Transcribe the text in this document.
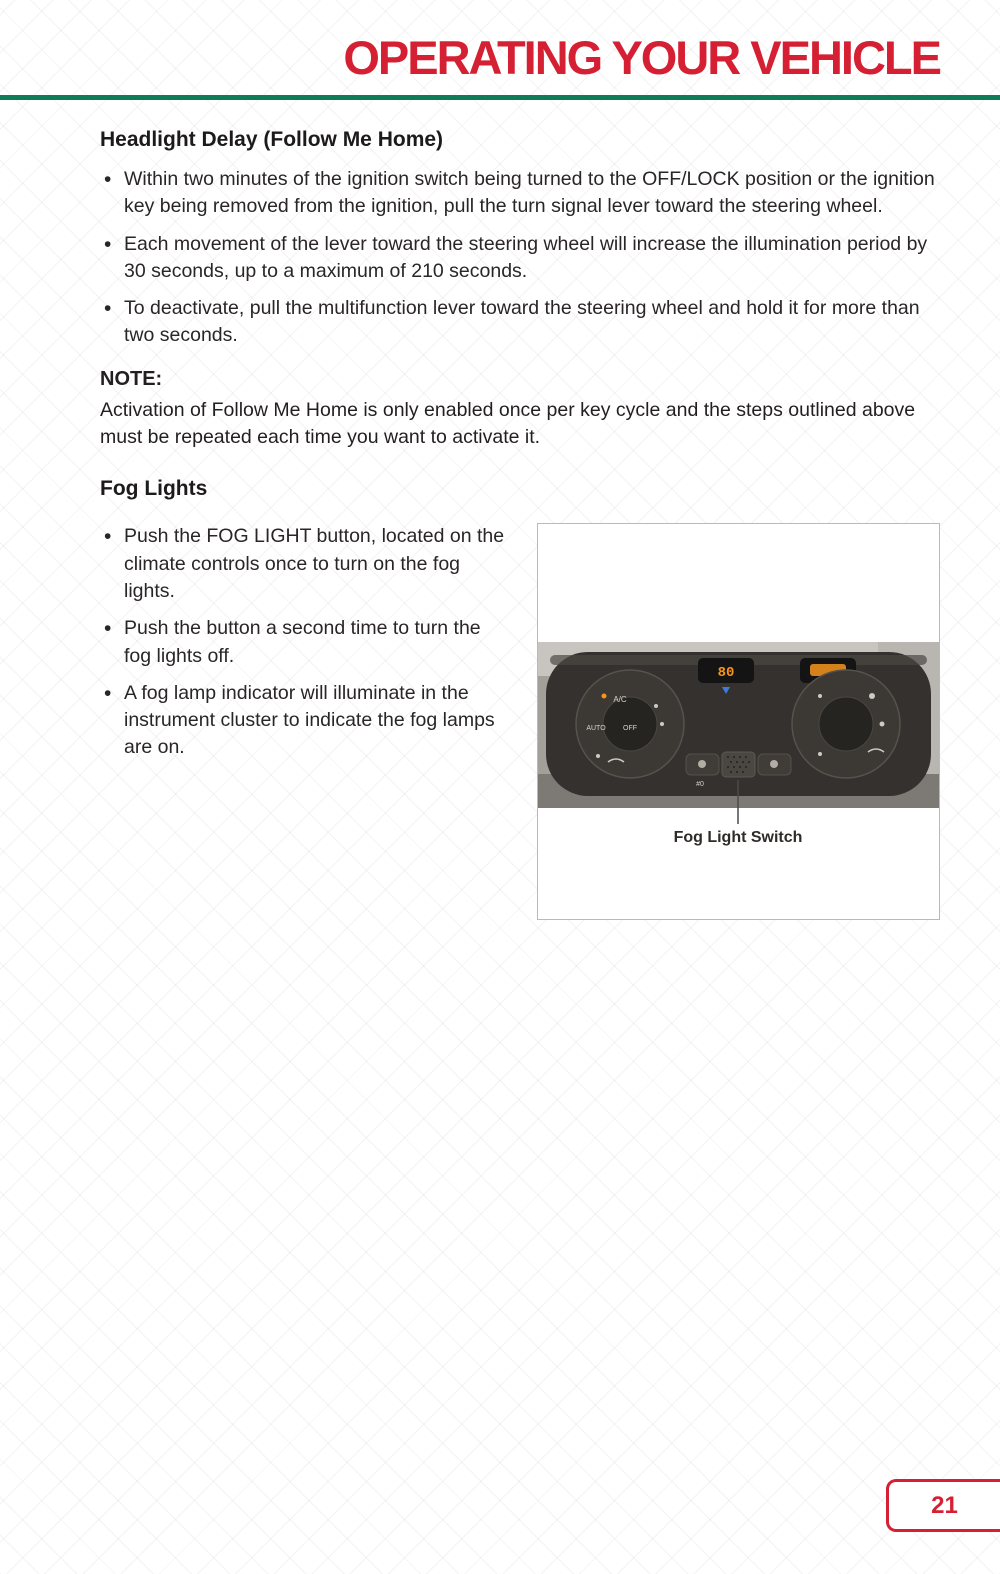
OPERATING YOUR VEHICLE
Headlight Delay (Follow Me Home)
• Within two minutes of the ignition switch being turned to the OFF/LOCK position or the ignition key being removed from the ignition, pull the turn signal lever toward the steering wheel.
• Each movement of the lever toward the steering wheel will increase the illumination period by 30 seconds, up to a maximum of 210 seconds.
• To deactivate, pull the multifunction lever toward the steering wheel and hold it for more than two seconds.
NOTE:
Activation of Follow Me Home is only enabled once per key cycle and the steps outlined above must be repeated each time you want to activate it.
Fog Lights
• Push the FOG LIGHT button, located on the climate controls once to turn on the fog lights.
• Push the button a second time to turn the fog lights off.
• A fog lamp indicator will illuminate in the instrument cluster to indicate the fog lamps are on.
80
A/C
AUTO OFF
#0
Fog Light Switch
21
